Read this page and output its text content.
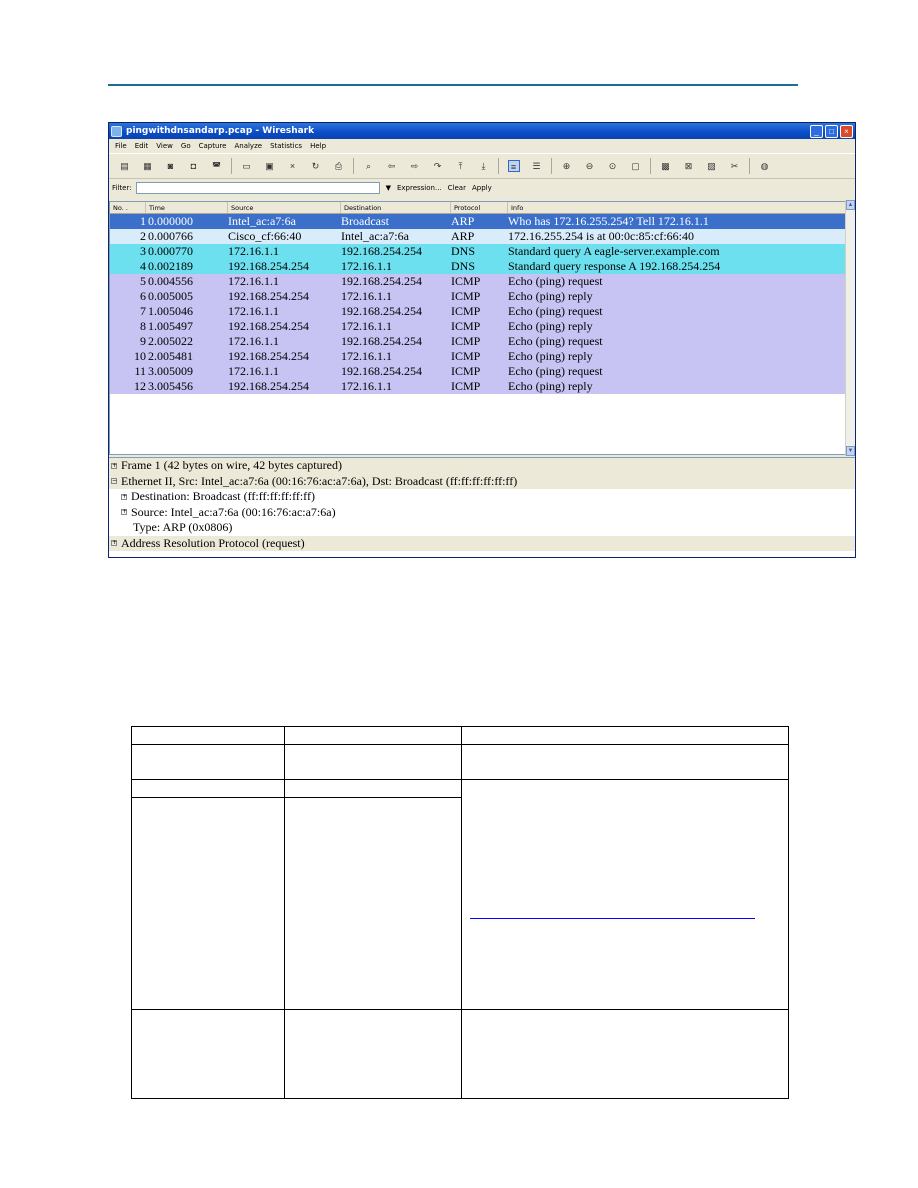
pingwithdnsandarp.pcap - Wireshark	_	□	×
File Edit View Go Capture Analyze Statistics Help
▤ ▦	◙	◘	◚ ▭ ▣	×	↻ ⎙	⌕	⇦ ⇨ ↷	⤒	⤓	≡	☰ ⊕ ⊖ ⊙ ▢ ▩ ⊠ ▨ ✂ ◍
Filter:	▼ Expression... Clear Apply
No. .	Time	Source	Destination	Protocol	Info
1 0.000000	Intel_ac:a7:6a	Broadcast	ARP	Who has 172.16.255.254? Tell 172.16.1.1
2 0.000766	Cisco_cf:66:40	Intel_ac:a7:6a	ARP	172.16.255.254 is at 00:0c:85:cf:66:40
3 0.000770	172.16.1.1	192.168.254.254	DNS	Standard query A eagle-server.example.com
4 0.002189	192.168.254.254	172.16.1.1	DNS	Standard query response A 192.168.254.254
5 0.004556	172.16.1.1	192.168.254.254	ICMP	Echo (ping) request
6 0.005005	192.168.254.254	172.16.1.1	ICMP	Echo (ping) reply
7 1.005046	172.16.1.1	192.168.254.254	ICMP	Echo (ping) request
8 1.005497	192.168.254.254	172.16.1.1	ICMP	Echo (ping) reply
9 2.005022	172.16.1.1	192.168.254.254	ICMP	Echo (ping) request
10 2.005481	192.168.254.254	172.16.1.1	ICMP	Echo (ping) reply
11 3.005009	172.16.1.1	192.168.254.254	ICMP	Echo (ping) request
12 3.005456	192.168.254.254	172.16.1.1	ICMP	Echo (ping) reply
▲
▼
+ Frame 1 (42 bytes on wire, 42 bytes captured)
− Ethernet II, Src: Intel_ac:a7:6a (00:16:76:ac:a7:6a), Dst: Broadcast (ff:ff:ff:ff:ff:ff)
+ Destination: Broadcast (ff:ff:ff:ff:ff:ff)
+ Source: Intel_ac:a7:6a (00:16:76:ac:a7:6a)
Type: ARP (0x0806)
+ Address Resolution Protocol (request)
